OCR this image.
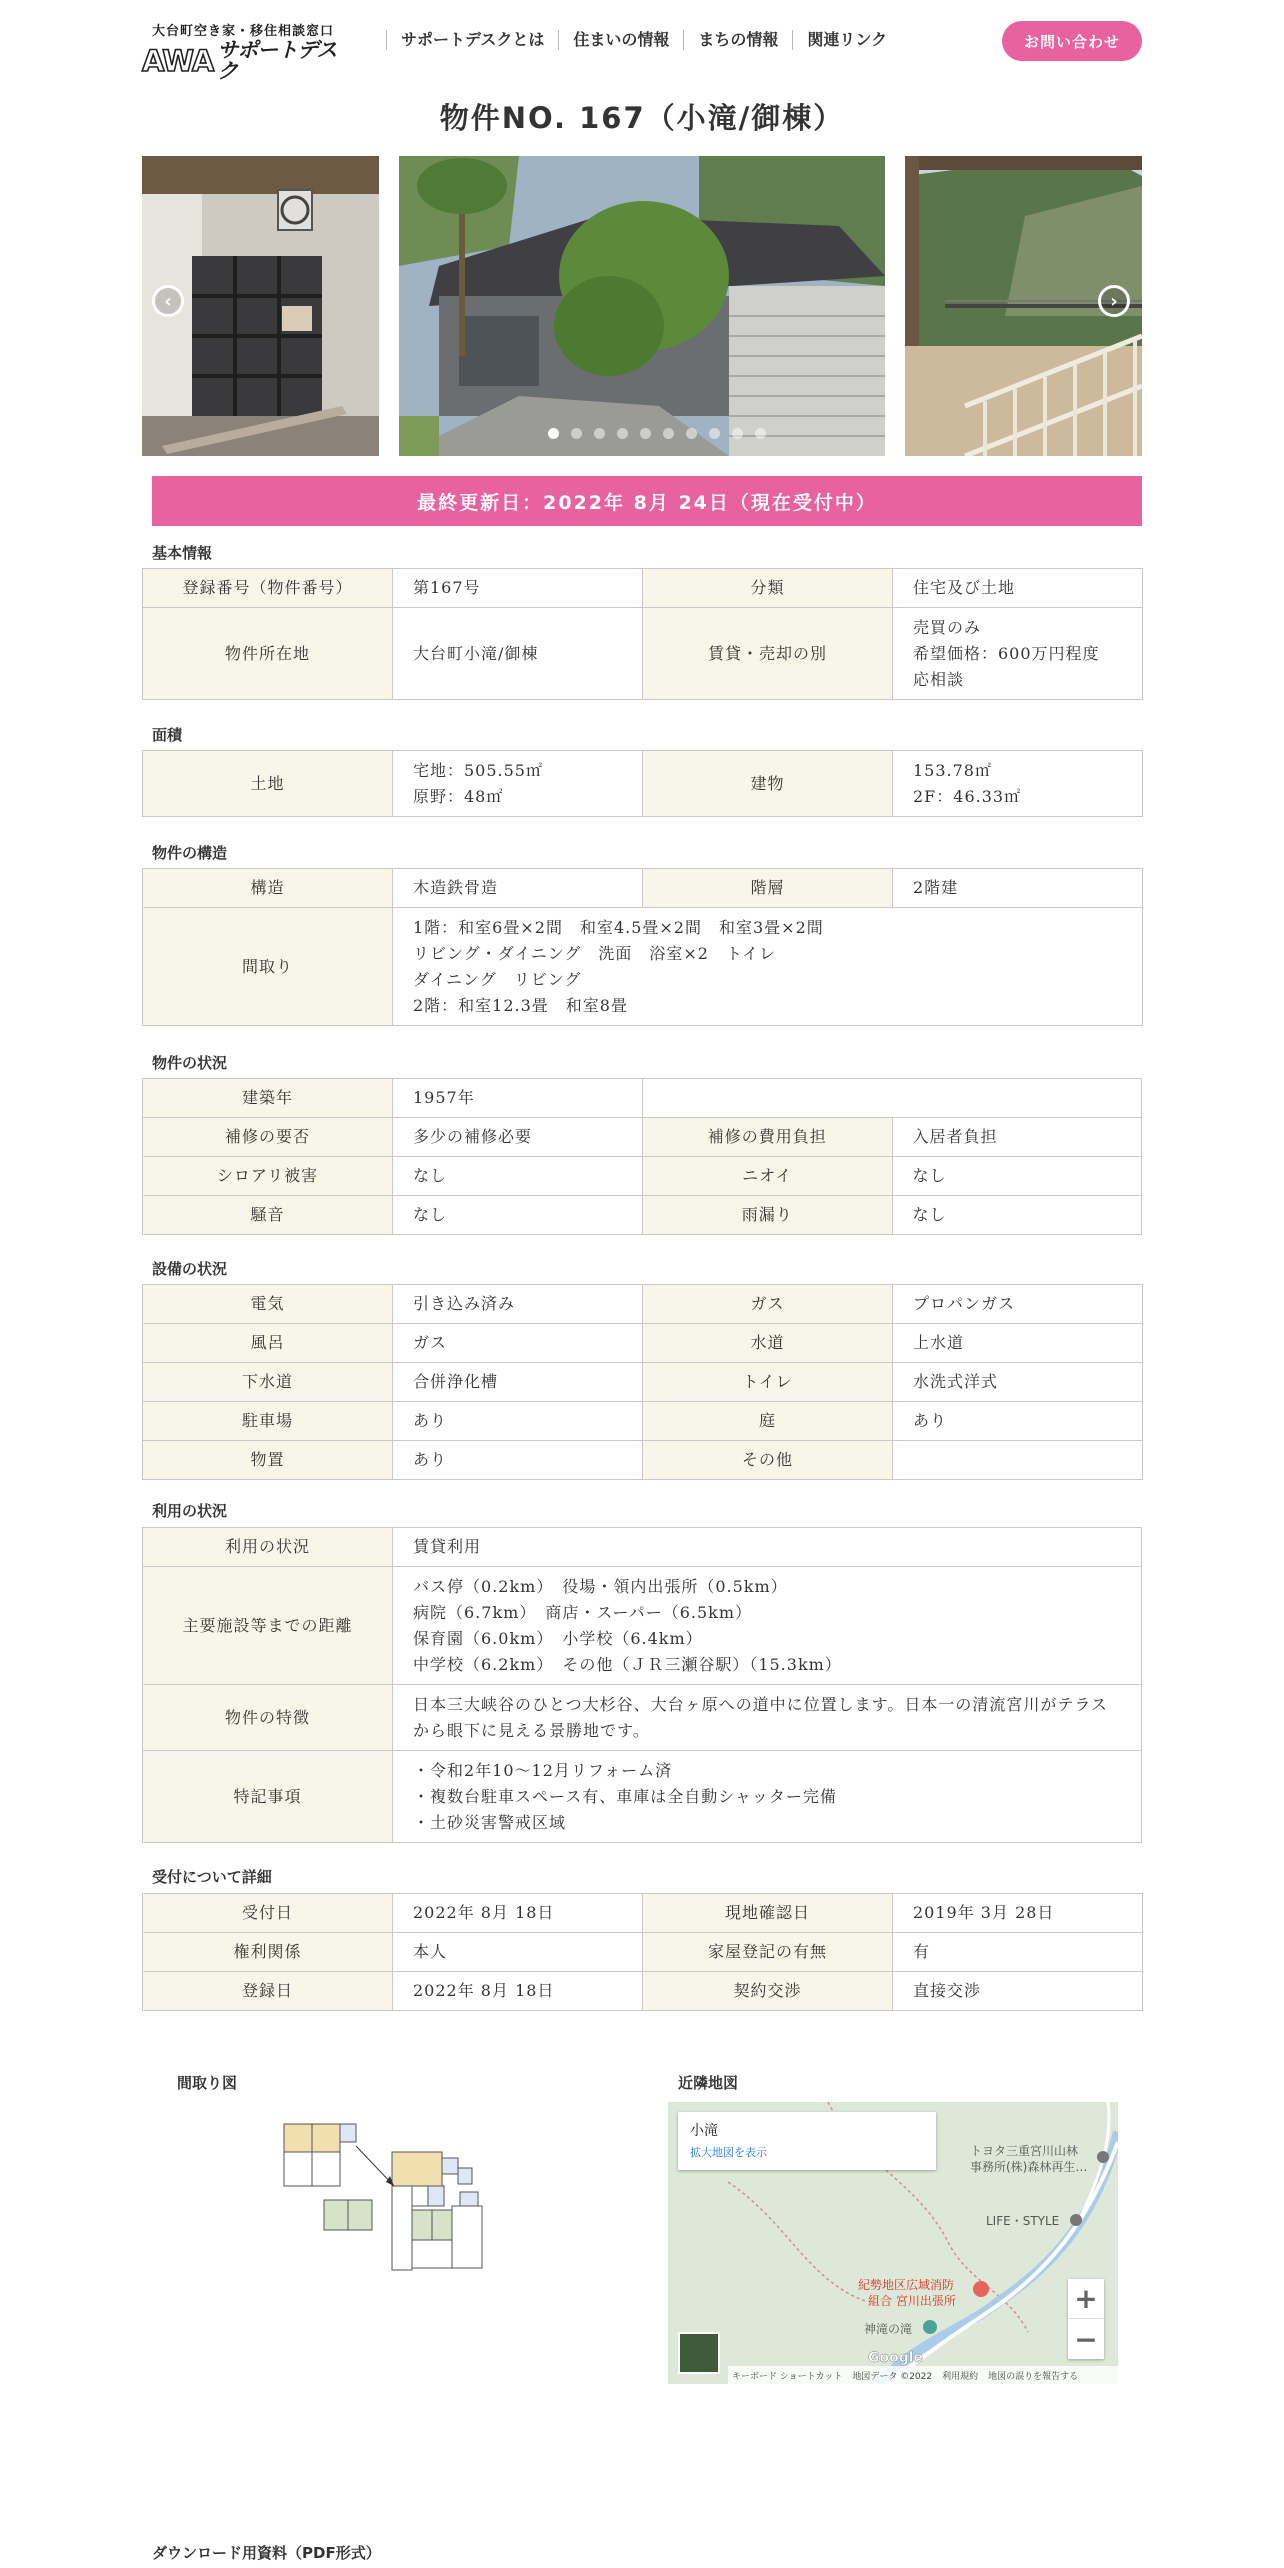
大台町空き家・移住相談窓口
AWA サポートデスク
サポートデスクとは	住まいの情報	まちの情報	関連リンク	お問い合わせ
物件NO. 167（小滝/御棟）
‹	›
最終更新日：2022年 8月 24日（現在受付中）
基本情報
登録番号（物件番号）	第167号	分類	住宅及び土地
物件所在地	大台町小滝/御棟	賃貸・売却の別	売買のみ
希望価格：600万円程度
応相談
面積
土地	宅地：505.55㎡
原野：48㎡	建物	153.78㎡
2F：46.33㎡
物件の構造
構造	木造鉄骨造	階層	2階建
間取り	1階：和室6畳×2間　和室4.5畳×2間　和室3畳×2間
リビング・ダイニング　洗面　浴室×2　トイレ
ダイニング　リビング
2階：和室12.3畳　和室8畳		
物件の状況
建築年	1957年		
補修の要否	多少の補修必要	補修の費用負担	入居者負担
シロアリ被害	なし	ニオイ	なし
騒音	なし	雨漏り	なし
設備の状況
電気	引き込み済み	ガス	プロパンガス
風呂	ガス	水道	上水道
下水道	合併浄化槽	トイレ	水洗式洋式
駐車場	あり	庭	あり
物置	あり	その他	
利用の状況
利用の状況	賃貸利用
主要施設等までの距離	バス停（0.2km）　役場・領内出張所（0.5km）
病院（6.7km）　商店・スーパー（6.5km）
保育園（6.0km）　小学校（6.4km）
中学校（6.2km）　その他（ＪＲ三瀬谷駅）（15.3km）
物件の特徴	日本三大峡谷のひとつ大杉谷、大台ヶ原への道中に位置します。日本一の清流宮川がテラスから眼下に見える景勝地です。
特記事項	・令和2年10～12月リフォーム済
・複数台駐車スペース有、車庫は全自動シャッター完備
・土砂災害警戒区域
受付について詳細
受付日	2022年 8月 18日	現地確認日	2019年 3月 28日
権利関係	本人	家屋登記の有無	有
登録日	2022年 8月 18日	契約交渉	直接交渉
間取り図	近隣地図
小滝
拡大地図を表示	トヨタ三重宮川山林
事務所(株)森林再生…
LIFE・STYLE
紀勢地区広域消防
組合 宮川出張所
神滝の滝
+
−
Google
キーボード ショートカット 地図データ ©2022 利用規約 地図の誤りを報告する
ダウンロード用資料（PDF形式）
